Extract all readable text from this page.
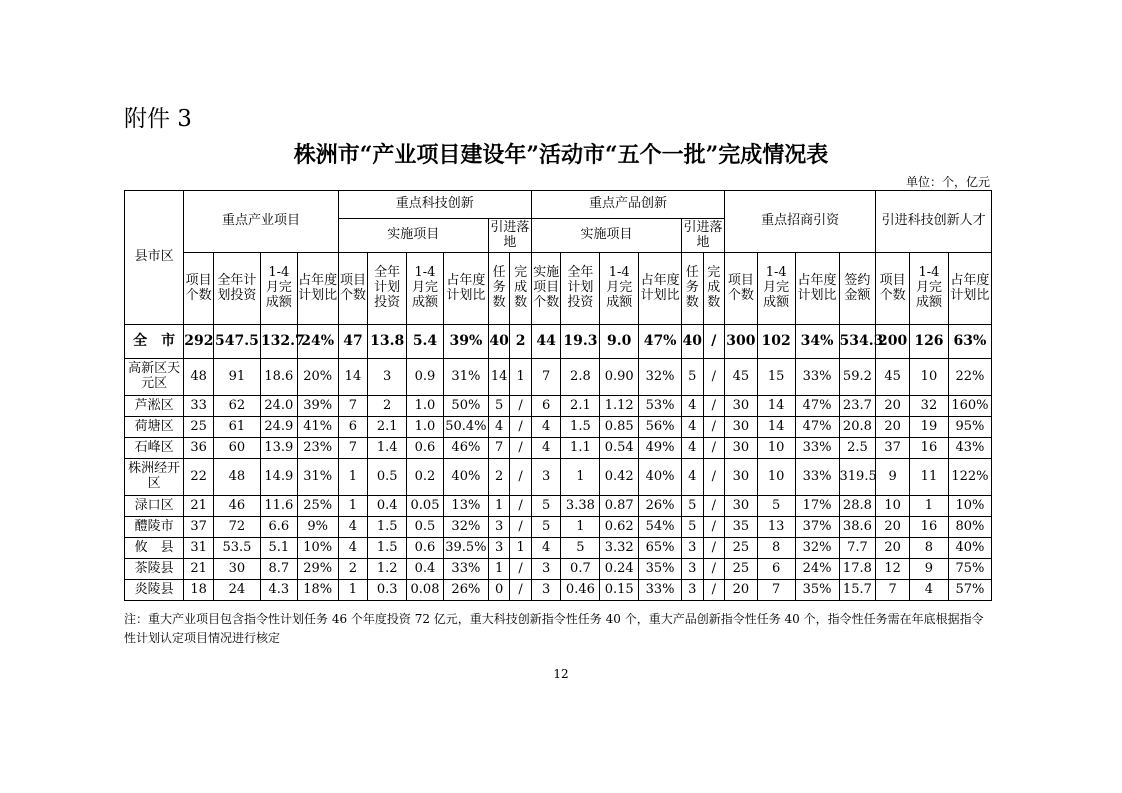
附件 3
株洲市“产业项目建设年”活动市“五个一批”完成情况表
单位：个，亿元
县市区	重点产业项目				重点科技创新						重点产品创新						重点招商引资				引进科技创新人才		
					实施项目				引进落地		实施项目				引进落地								
	项目个数	全年计划投资	1-4 月完成额	占年度计划比	项目个数	全年计划投资	1-4 月完成额	占年度计划比	任务数	完成数	实施项目个数	全年计划投资	1-4 月完成额	占年度计划比	任务数	完成数	项目个数	1-4 月完成额	占年度计划比	签约金额	项目个数	1-4 月完成额	占年度计划比
全　市	292	547.5	132.7	24%	47	13.8	5.4	39%	40	2	44	19.3	9.0	47%	40	/	300	102	34%	534.3	200	126	63%
高新区天元区	48	91	18.6	20%	14	3	0.9	31%	14	1	7	2.8	0.90	32%	5	/	45	15	33%	59.2	45	10	22%
芦淞区	33	62	24.0	39%	7	2	1.0	50%	5	/	6	2.1	1.12	53%	4	/	30	14	47%	23.7	20	32	160%
荷塘区	25	61	24.9	41%	6	2.1	1.0	50.4%	4	/	4	1.5	0.85	56%	4	/	30	14	47%	20.8	20	19	95%
石峰区	36	60	13.9	23%	7	1.4	0.6	46%	7	/	4	1.1	0.54	49%	4	/	30	10	33%	2.5	37	16	43%
株洲经开区	22	48	14.9	31%	1	0.5	0.2	40%	2	/	3	1	0.42	40%	4	/	30	10	33%	319.5	9	11	122%
渌口区	21	46	11.6	25%	1	0.4	0.05	13%	1	/	5	3.38	0.87	26%	5	/	30	5	17%	28.8	10	1	10%
醴陵市	37	72	6.6	9%	4	1.5	0.5	32%	3	/	5	1	0.62	54%	5	/	35	13	37%	38.6	20	16	80%
攸　县	31	53.5	5.1	10%	4	1.5	0.6	39.5%	3	1	4	5	3.32	65%	3	/	25	8	32%	7.7	20	8	40%
茶陵县	21	30	8.7	29%	2	1.2	0.4	33%	1	/	3	0.7	0.24	35%	3	/	25	6	24%	17.8	12	9	75%
炎陵县	18	24	4.3	18%	1	0.3	0.08	26%	0	/	3	0.46	0.15	33%	3	/	20	7	35%	15.7	7	4	57%
注：重大产业项目包含指令性计划任务 46 个年度投资 72 亿元，重大科技创新指令性任务 40 个，重大产品创新指令性任务 40 个，指令性任务需在年底根据指令性计划认定项目情况进行核定
12
